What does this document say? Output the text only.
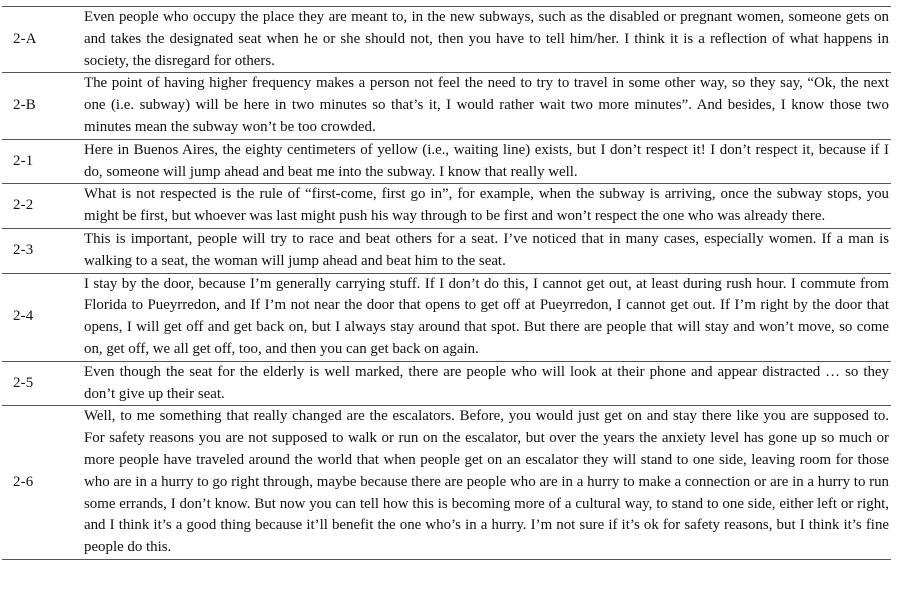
2-A	Even people who occupy the place they are meant to, in the new subways, such as the disabled or pregnant women, someone gets on and takes the designated seat when he or she should not, then you have to tell him/her. I think it is a reflection of what happens in society, the disregard for others.
2-B	The point of having higher frequency makes a person not feel the need to try to travel in some other way, so they say, “Ok, the next one (i.e. subway) will be here in two minutes so that’s it, I would rather wait two more minutes”. And besides, I know those two minutes mean the subway won’t be too crowded.
2-1	Here in Buenos Aires, the eighty centimeters of yellow (i.e., waiting line) exists, but I don’t respect it! I don’t respect it, because if I do, someone will jump ahead and beat me into the subway. I know that really well.
2-2	What is not respected is the rule of “first-come, first go in”, for example, when the subway is arriving, once the subway stops, you might be first, but whoever was last might push his way through to be first and won’t respect the one who was already there.
2-3	This is important, people will try to race and beat others for a seat. I’ve noticed that in many cases, especially women. If a man is walking to a seat, the woman will jump ahead and beat him to the seat.
2-4	I stay by the door, because I’m generally carrying stuff. If I don’t do this, I cannot get out, at least during rush hour. I commute from Florida to Pueyrredon, and If I’m not near the door that opens to get off at Pueyrredon, I cannot get out. If I’m right by the door that opens, I will get off and get back on, but I always stay around that spot. But there are people that will stay and won’t move, so come on, get off, we all get off, too, and then you can get back on again.
2-5	Even though the seat for the elderly is well marked, there are people who will look at their phone and appear distracted … so they don’t give up their seat.
2-6	Well, to me something that really changed are the escalators. Before, you would just get on and stay there like you are supposed to. For safety reasons you are not supposed to walk or run on the escalator, but over the years the anxiety level has gone up so much or more people have traveled around the world that when people get on an escalator they will stand to one side, leaving room for those who are in a hurry to go right through, maybe because there are people who are in a hurry to make a connection or are in a hurry to run some errands, I don’t know. But now you can tell how this is becoming more of a cultural way, to stand to one side, either left or right, and I think it’s a good thing because it’ll benefit the one who’s in a hurry. I’m not sure if it’s ok for safety reasons, but I think it’s fine people do this.
